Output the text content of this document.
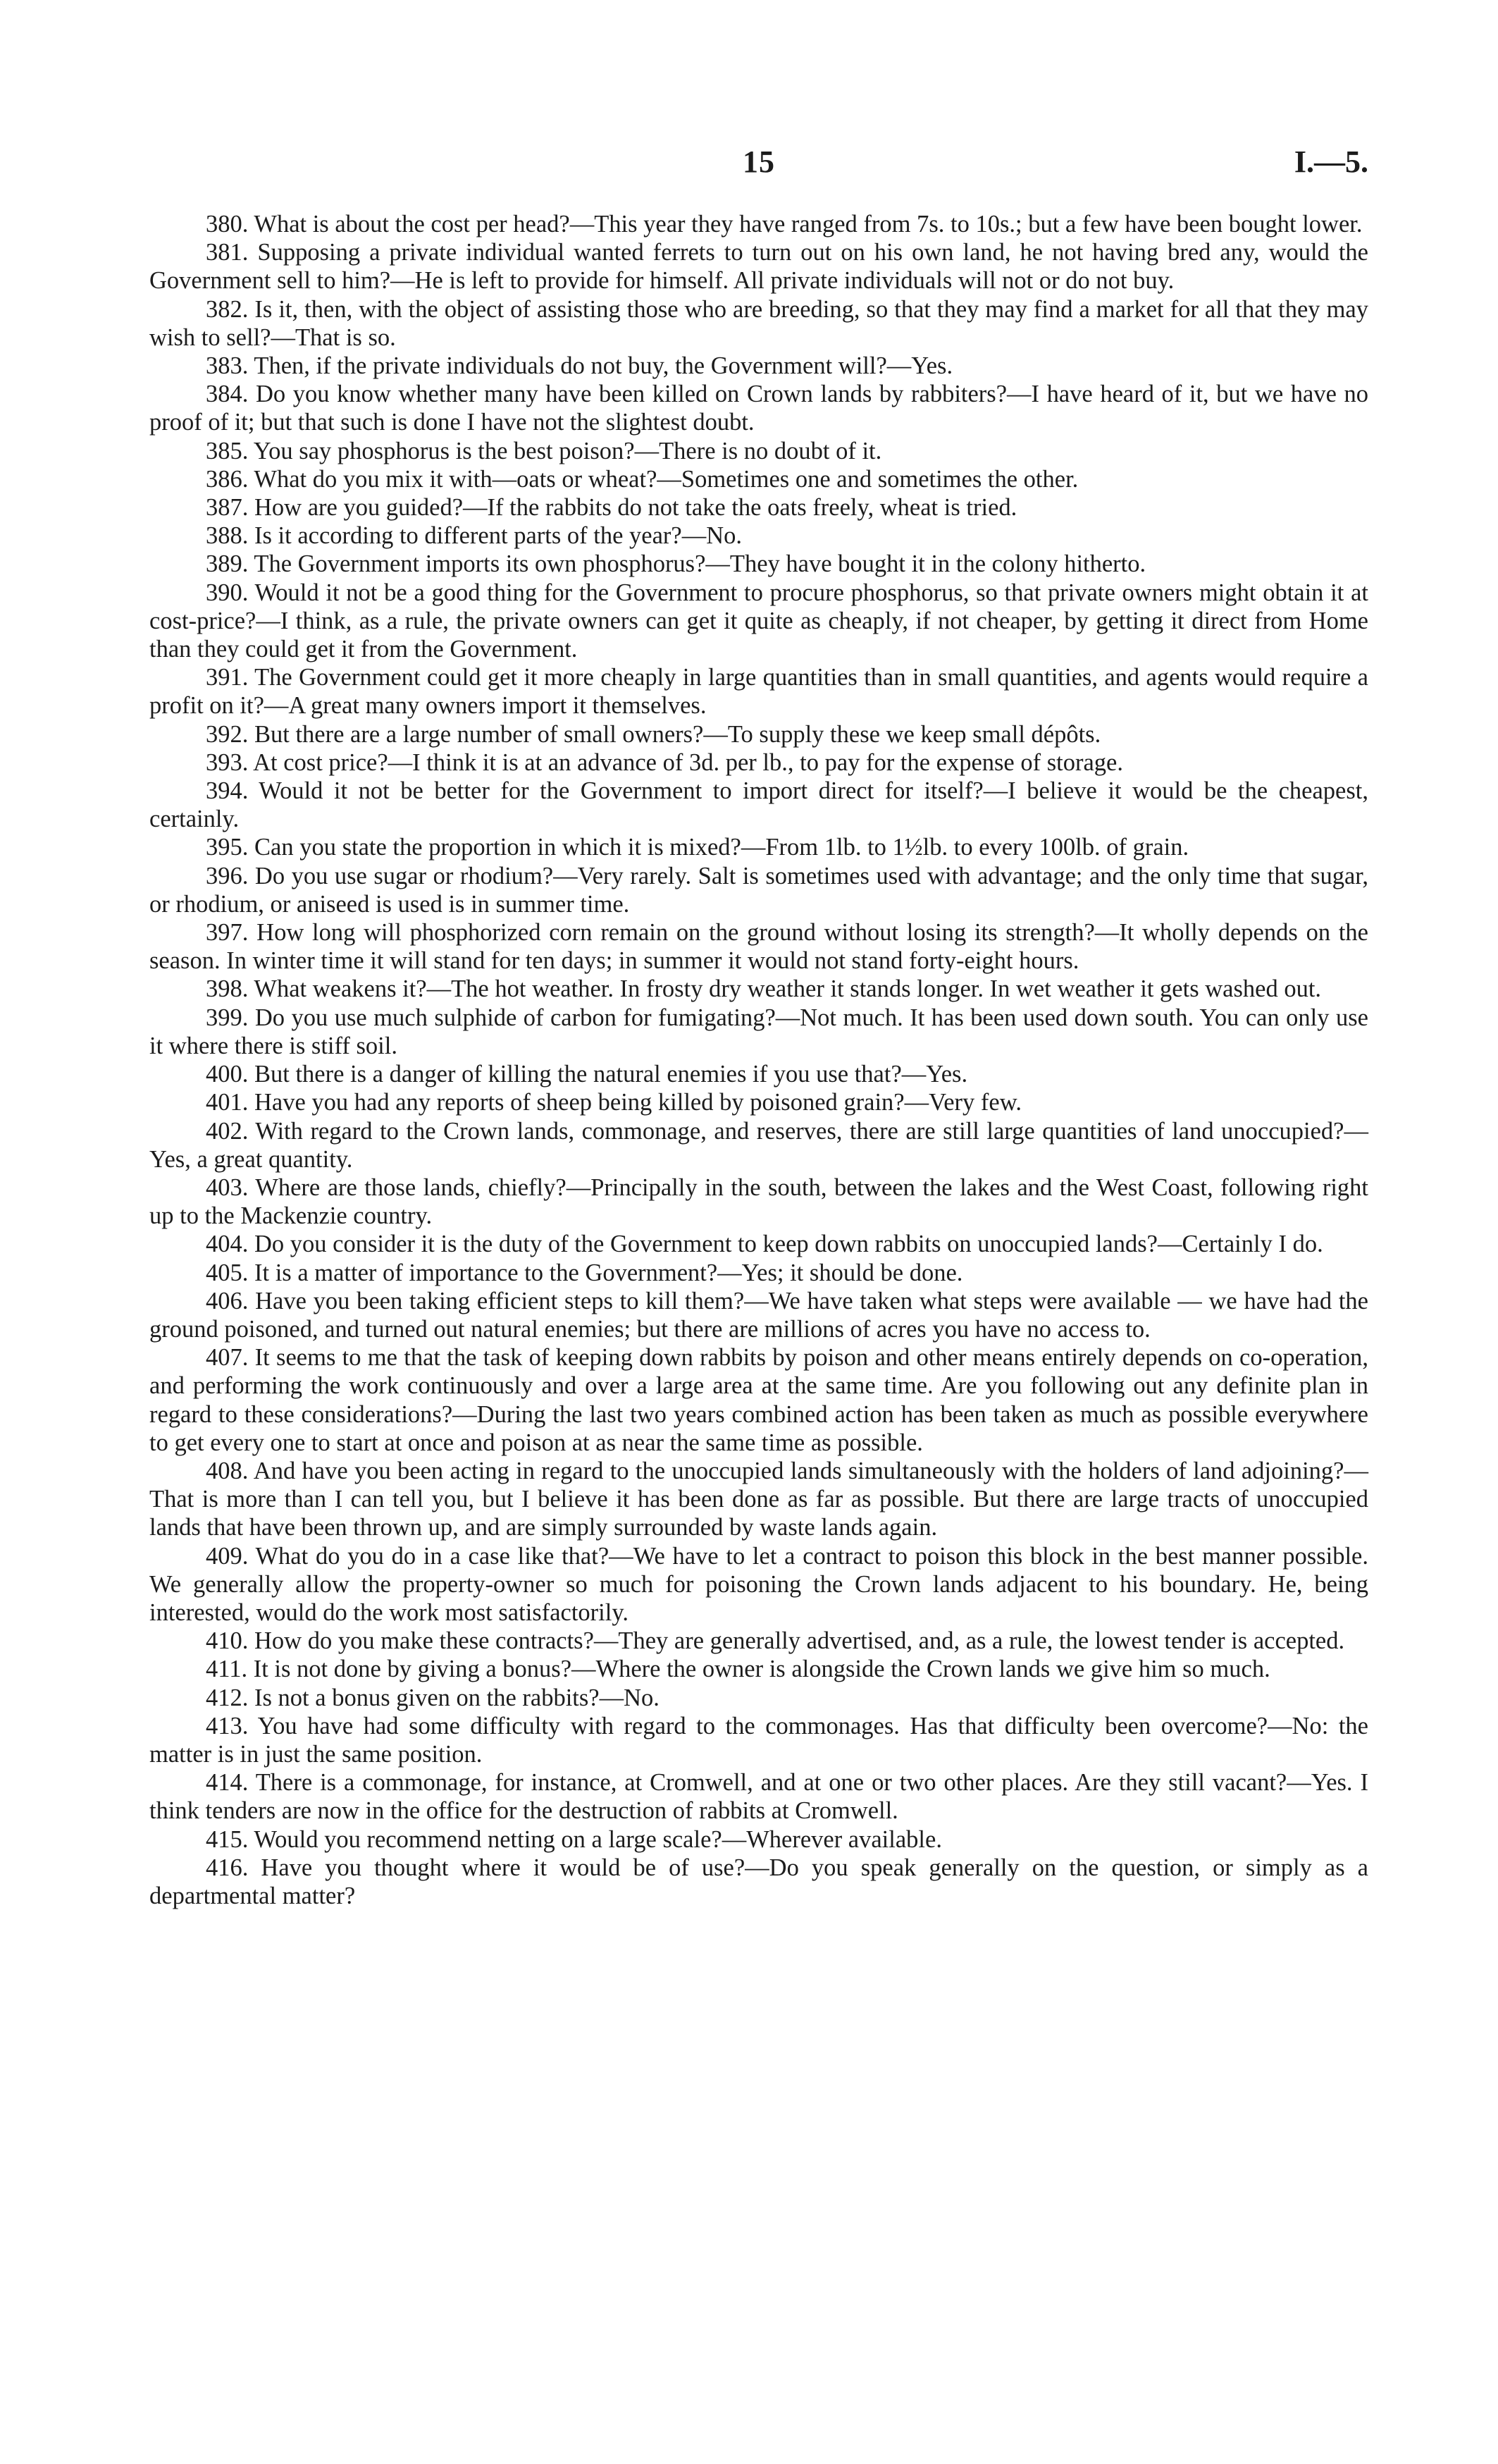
15	I.—5.

380. What is about the cost per head?—This year they have ranged from 7s. to 10s.; but a few have been bought lower.

381. Supposing a private individual wanted ferrets to turn out on his own land, he not having bred any, would the Government sell to him?—He is left to provide for himself. All private individuals will not or do not buy.

382. Is it, then, with the object of assisting those who are breeding, so that they may find a market for all that they may wish to sell?—That is so.

383. Then, if the private individuals do not buy, the Government will?—Yes.

384. Do you know whether many have been killed on Crown lands by rabbiters?—I have heard of it, but we have no proof of it; but that such is done I have not the slightest doubt.

385. You say phosphorus is the best poison?—There is no doubt of it.

386. What do you mix it with—oats or wheat?—Sometimes one and sometimes the other.

387. How are you guided?—If the rabbits do not take the oats freely, wheat is tried.

388. Is it according to different parts of the year?—No.

389. The Government imports its own phosphorus?—They have bought it in the colony hitherto.

390. Would it not be a good thing for the Government to procure phosphorus, so that private owners might obtain it at cost-price?—I think, as a rule, the private owners can get it quite as cheaply, if not cheaper, by getting it direct from Home than they could get it from the Government.

391. The Government could get it more cheaply in large quantities than in small quantities, and agents would require a profit on it?—A great many owners import it themselves.

392. But there are a large number of small owners?—To supply these we keep small dépôts.

393. At cost price?—I think it is at an advance of 3d. per lb., to pay for the expense of storage.

394. Would it not be better for the Government to import direct for itself?—I believe it would be the cheapest, certainly.

395. Can you state the proportion in which it is mixed?—From 1lb. to 1½lb. to every 100lb. of grain.

396. Do you use sugar or rhodium?—Very rarely. Salt is sometimes used with advantage; and the only time that sugar, or rhodium, or aniseed is used is in summer time.

397. How long will phosphorized corn remain on the ground without losing its strength?—It wholly depends on the season. In winter time it will stand for ten days; in summer it would not stand forty-eight hours.

398. What weakens it?—The hot weather. In frosty dry weather it stands longer. In wet weather it gets washed out.

399. Do you use much sulphide of carbon for fumigating?—Not much. It has been used down south. You can only use it where there is stiff soil.

400. But there is a danger of killing the natural enemies if you use that?—Yes.

401. Have you had any reports of sheep being killed by poisoned grain?—Very few.

402. With regard to the Crown lands, commonage, and reserves, there are still large quantities of land unoccupied?—Yes, a great quantity.

403. Where are those lands, chiefly?—Principally in the south, between the lakes and the West Coast, following right up to the Mackenzie country.

404. Do you consider it is the duty of the Government to keep down rabbits on unoccupied lands?—Certainly I do.

405. It is a matter of importance to the Government?—Yes; it should be done.

406. Have you been taking efficient steps to kill them?—We have taken what steps were available — we have had the ground poisoned, and turned out natural enemies; but there are millions of acres you have no access to.

407. It seems to me that the task of keeping down rabbits by poison and other means entirely depends on co-operation, and performing the work continuously and over a large area at the same time. Are you following out any definite plan in regard to these considerations?—During the last two years combined action has been taken as much as possible everywhere to get every one to start at once and poison at as near the same time as possible.

408. And have you been acting in regard to the unoccupied lands simultaneously with the holders of land adjoining?—That is more than I can tell you, but I believe it has been done as far as possible. But there are large tracts of unoccupied lands that have been thrown up, and are simply surrounded by waste lands again.

409. What do you do in a case like that?—We have to let a contract to poison this block in the best manner possible. We generally allow the property-owner so much for poisoning the Crown lands adjacent to his boundary. He, being interested, would do the work most satisfactorily.

410. How do you make these contracts?—They are generally advertised, and, as a rule, the lowest tender is accepted.

411. It is not done by giving a bonus?—Where the owner is alongside the Crown lands we give him so much.

412. Is not a bonus given on the rabbits?—No.

413. You have had some difficulty with regard to the commonages. Has that difficulty been overcome?—No: the matter is in just the same position.

414. There is a commonage, for instance, at Cromwell, and at one or two other places. Are they still vacant?—Yes. I think tenders are now in the office for the destruction of rabbits at Cromwell.

415. Would you recommend netting on a large scale?—Wherever available.

416. Have you thought where it would be of use?—Do you speak generally on the question, or simply as a departmental matter?
